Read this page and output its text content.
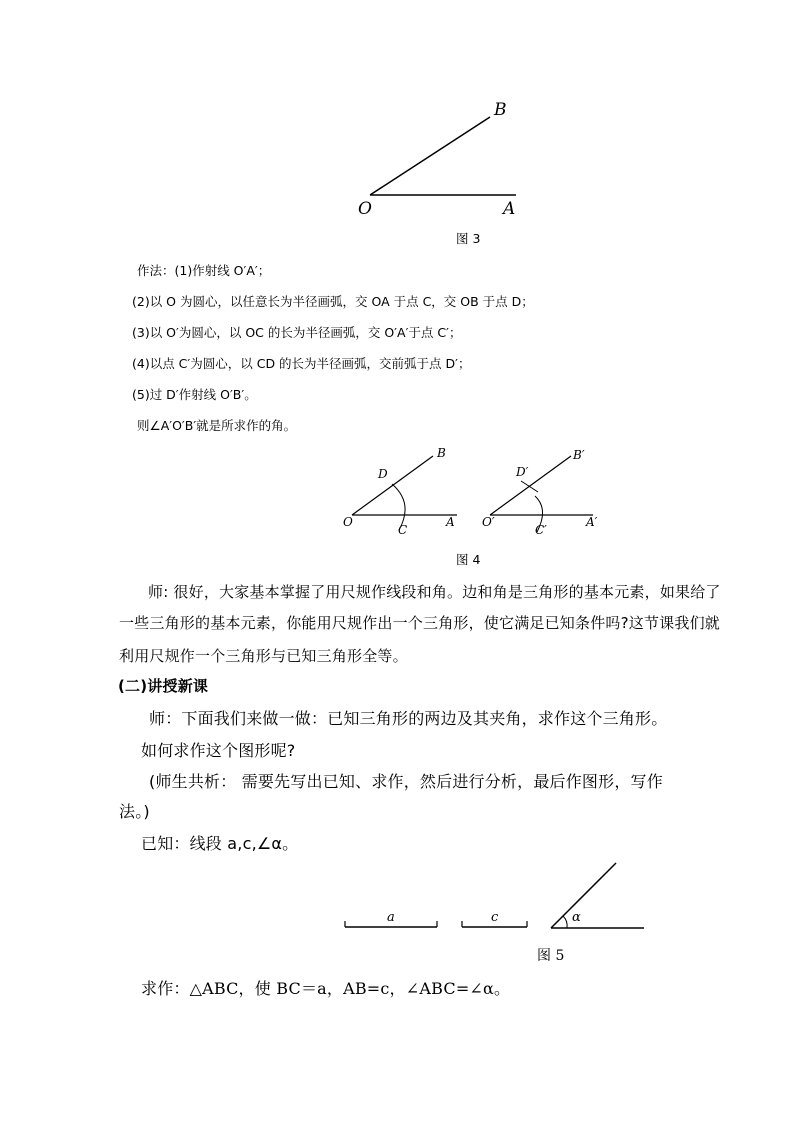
B
O	A
图 3
作法：(1)作射线 O′A′；
(2)以 O 为圆心，以任意长为半径画弧，交 OA 于点 C，交 OB 于点 D；
(3)以 O′为圆心，以 OC 的长为半径画弧，交 O′A′于点 C′；
(4)以点 C′为圆心，以 CD 的长为半径画弧，交前弧于点 D′；
(5)过 D′作射线 O′B′。
则∠A′O′B′就是所求作的角。
B
D
O
C
A
B′
D′
O′
C′
A′
图 4
师: 很好，大家基本掌握了用尺规作线段和角。边和角是三角形的基本元素，如果给了
一些三角形的基本元素，你能用尺规作出一个三角形，使它满足已知条件吗?这节课我们就
利用尺规作一个三角形与已知三角形全等。
(二)讲授新课
师：下面我们来做一做：已知三角形的两边及其夹角，求作这个三角形。
如何求作这个图形呢?
(师生共析： 需要先写出已知、求作，然后进行分析，最后作图形，写作
法。)
已知：线段 a,c,∠α。
a	c	α
图 5
求作：△ABC，使 BC＝a，AB=c，∠ABC=∠α。
